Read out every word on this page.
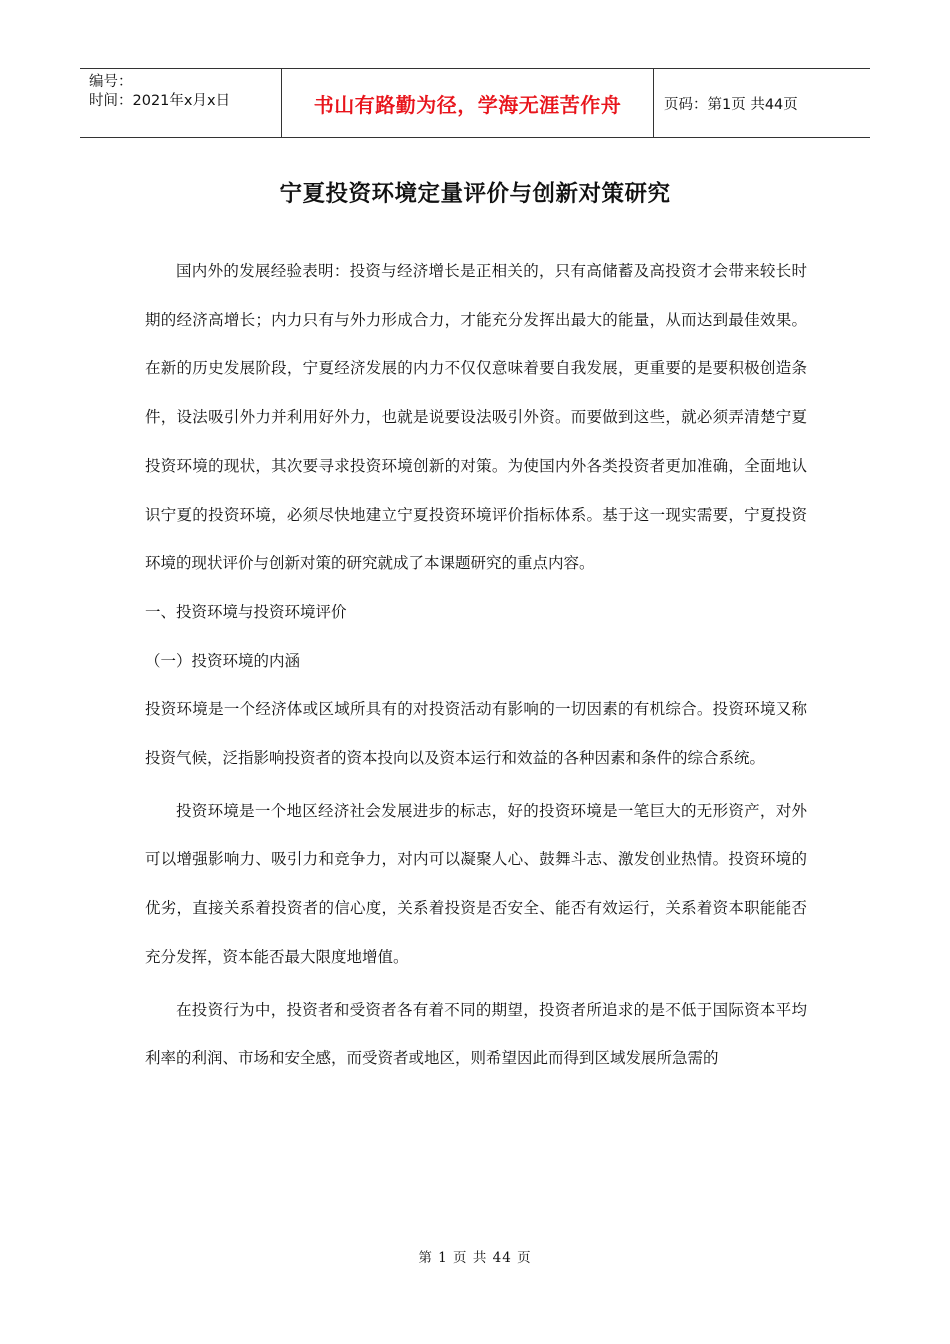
编号：
时间：2021年x月x日	书山有路勤为径，学海无涯苦作舟	页码：第1页 共44页
宁夏投资环境定量评价与创新对策研究

国内外的发展经验表明：投资与经济增长是正相关的，只有高储蓄及高投资才会带来较长时期的经济高增长；内力只有与外力形成合力，才能充分发挥出最大的能量，从而达到最佳效果。在新的历史发展阶段，宁夏经济发展的内力不仅仅意味着要自我发展，更重要的是要积极创造条件，设法吸引外力并利用好外力，也就是说要设法吸引外资。而要做到这些，就必须弄清楚宁夏投资环境的现状，其次要寻求投资环境创新的对策。为使国内外各类投资者更加准确，全面地认识宁夏的投资环境，必须尽快地建立宁夏投资环境评价指标体系。基于这一现实需要，宁夏投资环境的现状评价与创新对策的研究就成了本课题研究的重点内容。

一、投资环境与投资环境评价

（一）投资环境的内涵

投资环境是一个经济体或区域所具有的对投资活动有影响的一切因素的有机综合。投资环境又称投资气候，泛指影响投资者的资本投向以及资本运行和效益的各种因素和条件的综合系统。

投资环境是一个地区经济社会发展进步的标志，好的投资环境是一笔巨大的无形资产，对外可以增强影响力、吸引力和竞争力，对内可以凝聚人心、鼓舞斗志、激发创业热情。投资环境的优劣，直接关系着投资者的信心度，关系着投资是否安全、能否有效运行，关系着资本职能能否充分发挥，资本能否最大限度地增值。

在投资行为中，投资者和受资者各有着不同的期望，投资者所追求的是不低于国际资本平均利率的利润、市场和安全感，而受资者或地区，则希望因此而得到区域发展所急需的

第 1 页 共 44 页
